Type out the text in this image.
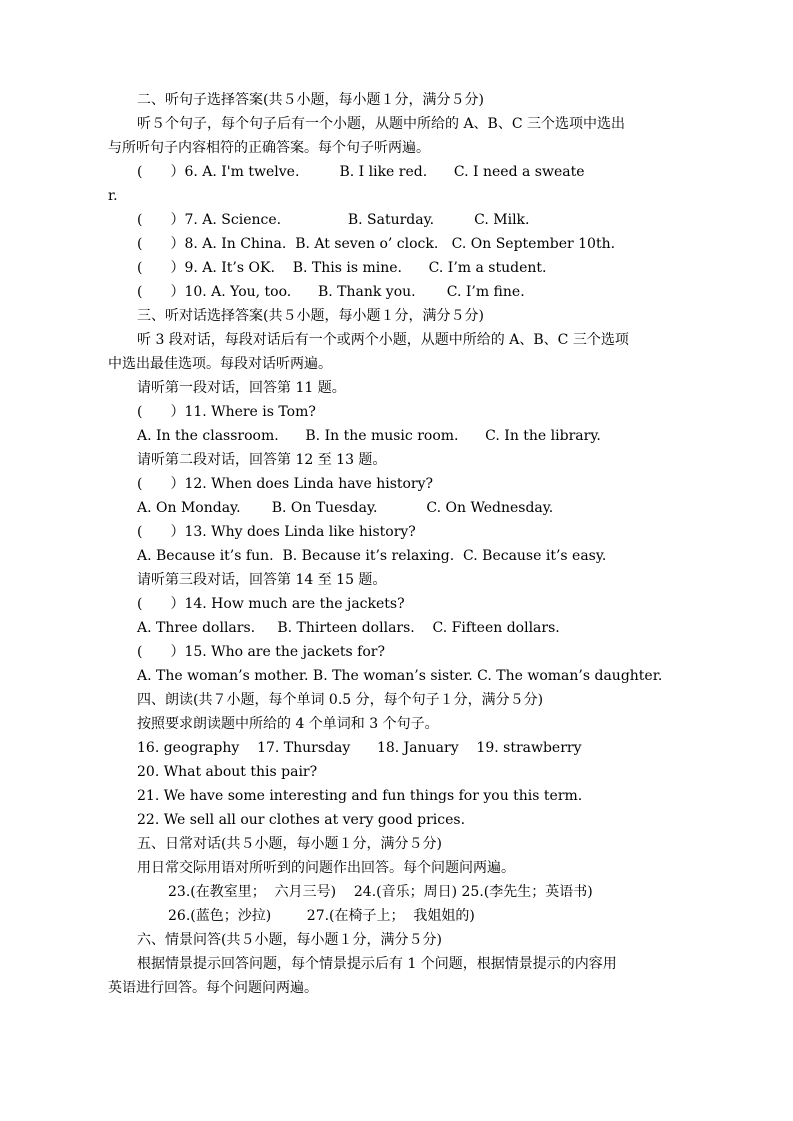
二、听句子选择答案(共５小题，每小题１分，满分５分)
听５个句子，每个句子后有一个小题，从题中所给的 A、B、C 三个选项中选出
与所听句子内容相符的正确答案。每个句子听两遍。
(　　）6. A. I'm twelve.         B. I like red.      C. I need a sweate
r.
(　　）7. A. Science.               B. Saturday.         C. Milk.
(　　）8. A. In China.  B. At seven o’ clock.   C. On September 10th.
(　　）9. A. It’s OK.    B. This is mine.      C. I’m a student.
(　　）10. A. You, too.      B. Thank you.       C. I’m fine.
三、听对话选择答案(共５小题，每小题１分，满分５分)
听 3 段对话，每段对话后有一个或两个小题，从题中所给的 A、B、C 三个选项
中选出最佳选项。每段对话听两遍。
请听第一段对话，回答第 11 题。
(　　）11. Where is Tom?
A. In the classroom.      B. In the music room.      C. In the library.
请听第二段对话，回答第 12 至 13 题。
(　　）12. When does Linda have history?
A. On Monday.       B. On Tuesday.           C. On Wednesday.
(　　）13. Why does Linda like history?
A. Because it’s fun.  B. Because it’s relaxing.  C. Because it’s easy.
请听第三段对话，回答第 14 至 15 题。
(　　）14. How much are the jackets?
A. Three dollars.     B. Thirteen dollars.    C. Fifteen dollars.
(　　）15. Who are the jackets for?
A. The woman’s mother. B. The woman’s sister. C. The woman’s daughter.
四、朗读(共７小题，每个单词 0.5 分，每个句子１分，满分５分)
按照要求朗读题中所给的 4 个单词和 3 个句子。
16. geography    17. Thursday      18. January    19. strawberry
20. What about this pair?
21. We have some interesting and fun things for you this term.
22. We sell all our clothes at very good prices.
五、日常对话(共５小题，每小题１分，满分５分)
用日常交际用语对所听到的问题作出回答。每个问题问两遍。
23.(在教室里；  六月三号)    24.(音乐；周日) 25.(李先生；英语书)
26.(蓝色；沙拉)        27.(在椅子上；  我姐姐的)
六、情景问答(共５小题，每小题１分，满分５分)
根据情景提示回答问题，每个情景提示后有 1 个问题，根据情景提示的内容用
英语进行回答。每个问题问两遍。
